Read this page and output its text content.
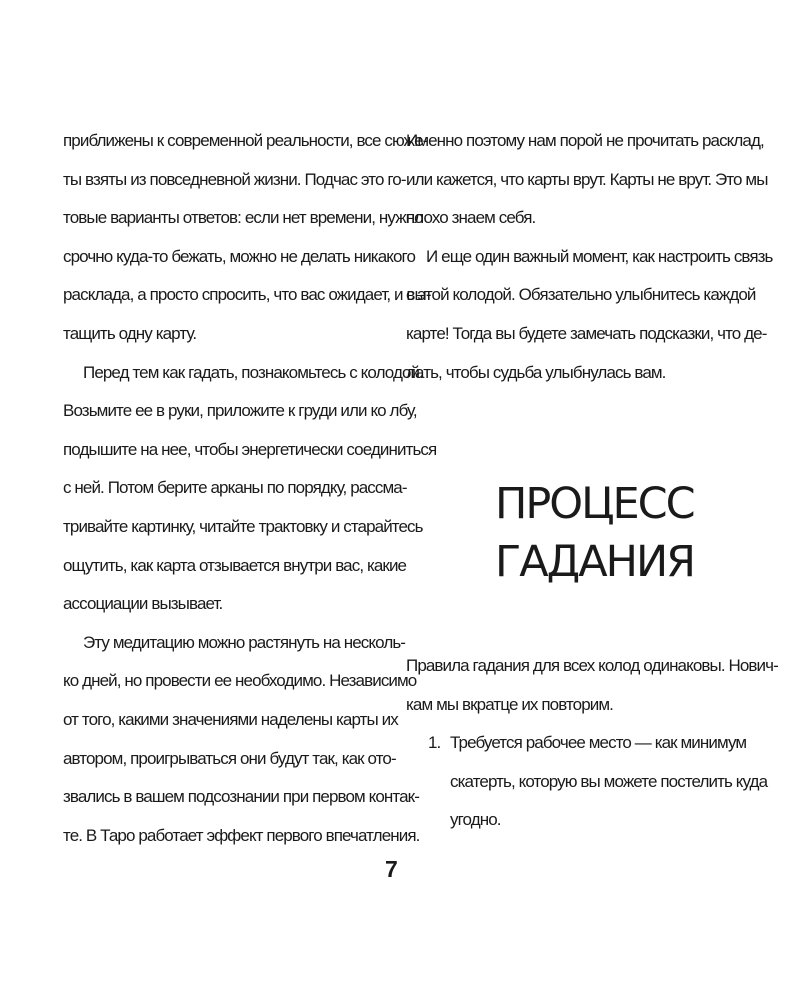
приближены к современной реальности, все сюже-
ты взяты из повседневной жизни. Подчас это го-
товые варианты ответов: если нет времени, нужно
срочно куда-то бежать, можно не делать никакого
расклада, а просто спросить, что вас ожидает, и вы-
тащить одну карту.
Перед тем как гадать, познакомьтесь с колодой.
Возьмите ее в руки, приложите к груди или ко лбу,
подышите на нее, чтобы энергетически соединиться
с ней. Потом берите арканы по порядку, рассма-
тривайте картинку, читайте трактовку и старайтесь
ощутить, как карта отзывается внутри вас, какие
ассоциации вызывает.
Эту медитацию можно растянуть на несколь-
ко дней, но провести ее необходимо. Независимо
от того, какими значениями наделены карты их
автором, проигрываться они будут так, как ото-
звались в вашем подсознании при первом контак-
те. В Таро работает эффект первого впечатления.
Именно поэтому нам порой не прочитать расклад,
или кажется, что карты врут. Карты не врут. Это мы
плохо знаем себя.
И еще один важный момент, как настроить связь
с этой колодой. Обязательно улыбнитесь каждой
карте! Тогда вы будете замечать подсказки, что де-
лать, чтобы судьба улыбнулась вам.
ПРОЦЕСС
ГАДАНИЯ
Правила гадания для всех колод одинаковы. Нович-
кам мы вкратце их повторим.
1. Требуется рабочее место — как минимум
скатерть, которую вы можете постелить куда
угодно.
7
